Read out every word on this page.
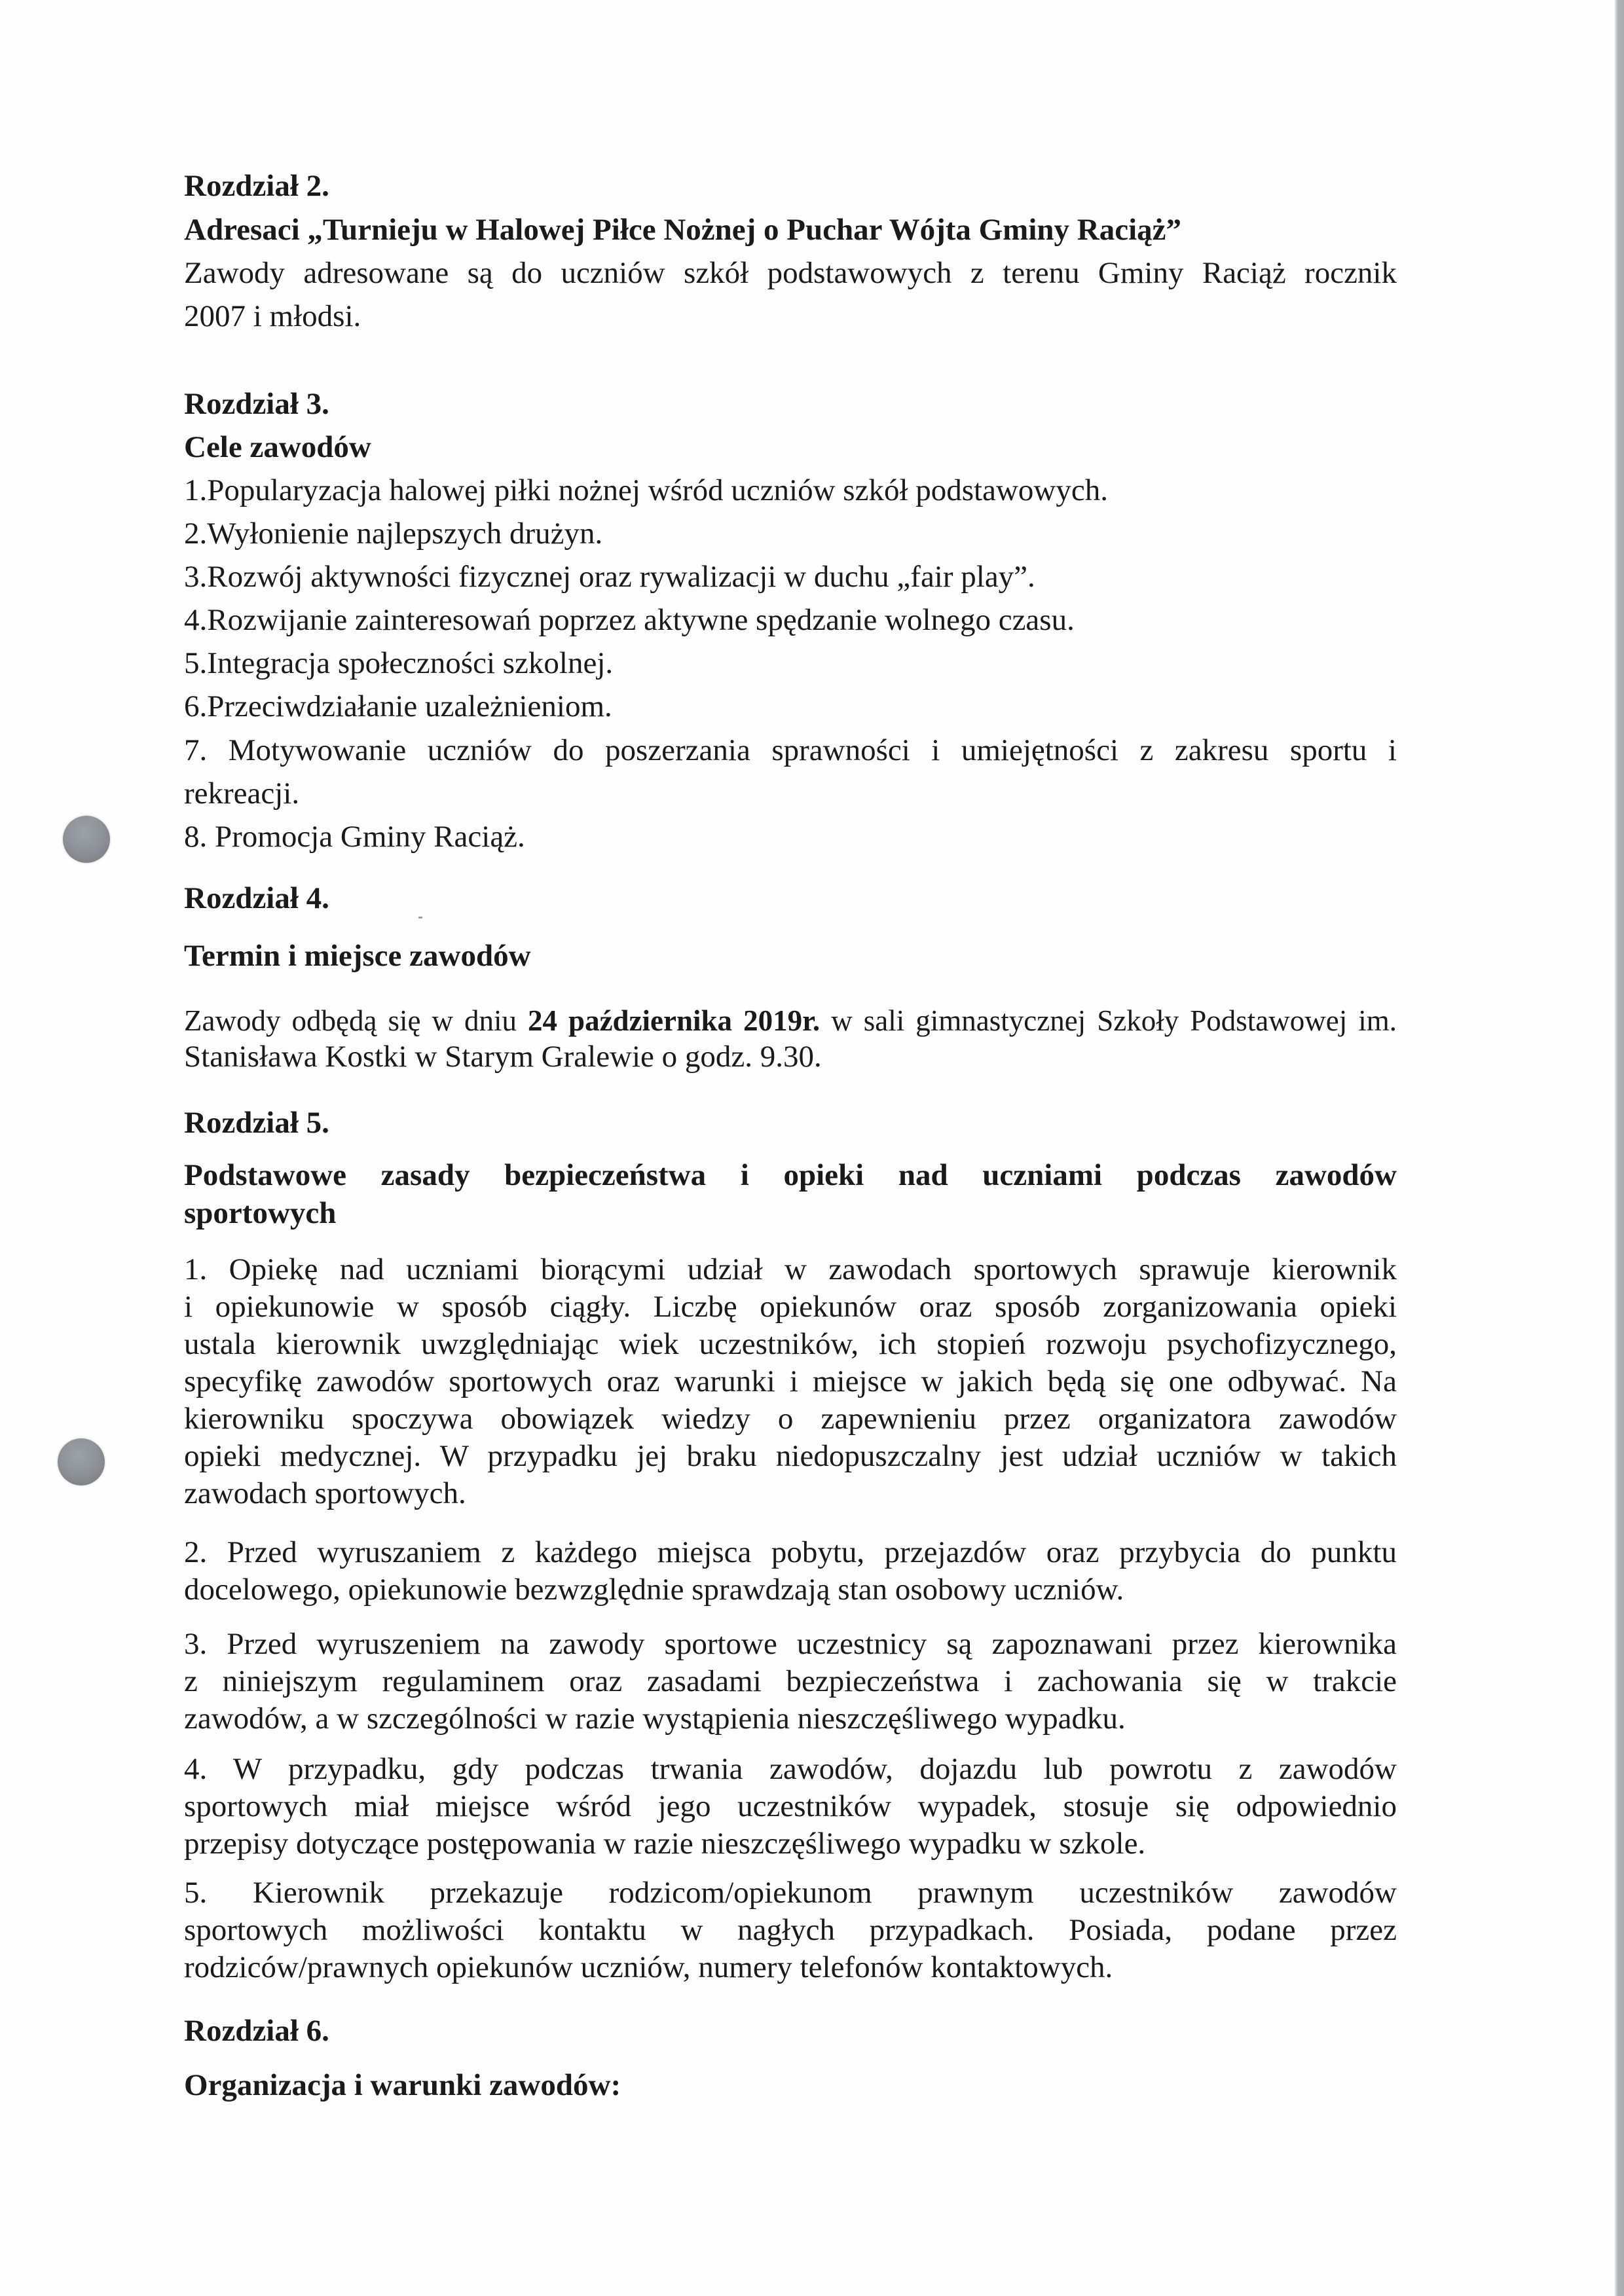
Rozdział 2.
Adresaci „Turnieju w Halowej Piłce Nożnej o Puchar Wójta Gminy Raciąż”
Zawody adresowane są do uczniów szkół podstawowych z terenu Gminy Raciąż rocznik
2007 i młodsi.
Rozdział 3.
Cele zawodów
1.Popularyzacja halowej piłki nożnej wśród uczniów szkół podstawowych.
2.Wyłonienie najlepszych drużyn.
3.Rozwój aktywności fizycznej oraz rywalizacji w duchu „fair play”.
4.Rozwijanie zainteresowań poprzez aktywne spędzanie wolnego czasu.
5.Integracja społeczności szkolnej.
6.Przeciwdziałanie uzależnieniom.
7. Motywowanie uczniów do poszerzania sprawności i umiejętności z zakresu sportu i
rekreacji.
8. Promocja Gminy Raciąż.
Rozdział 4.
Termin i miejsce zawodów
Zawody odbędą się w dniu 24 października 2019r. w sali gimnastycznej Szkoły Podstawowej im.
Stanisława Kostki w Starym Gralewie o godz. 9.30.
Rozdział 5.
Podstawowe zasady bezpieczeństwa i opieki nad uczniami podczas zawodów
sportowych
1. Opiekę nad uczniami biorącymi udział w zawodach sportowych sprawuje kierownik
i opiekunowie w sposób ciągły. Liczbę opiekunów oraz sposób zorganizowania opieki
ustala kierownik uwzględniając wiek uczestników, ich stopień rozwoju psychofizycznego,
specyfikę zawodów sportowych oraz warunki i miejsce w jakich będą się one odbywać. Na
kierowniku spoczywa obowiązek wiedzy o zapewnieniu przez organizatora zawodów
opieki medycznej. W przypadku jej braku niedopuszczalny jest udział uczniów w takich
zawodach sportowych.
2. Przed wyruszaniem z każdego miejsca pobytu, przejazdów oraz przybycia do punktu
docelowego, opiekunowie bezwzględnie sprawdzają stan osobowy uczniów.
3. Przed wyruszeniem na zawody sportowe uczestnicy są zapoznawani przez kierownika
z niniejszym regulaminem oraz zasadami bezpieczeństwa i zachowania się w trakcie
zawodów, a w szczególności w razie wystąpienia nieszczęśliwego wypadku.
4. W przypadku, gdy podczas trwania zawodów, dojazdu lub powrotu z zawodów
sportowych miał miejsce wśród jego uczestników wypadek, stosuje się odpowiednio
przepisy dotyczące postępowania w razie nieszczęśliwego wypadku w szkole.
5. Kierownik przekazuje rodzicom/opiekunom prawnym uczestników zawodów
sportowych możliwości kontaktu w nagłych przypadkach. Posiada, podane przez
rodziców/prawnych opiekunów uczniów, numery telefonów kontaktowych.
Rozdział 6.
Organizacja i warunki zawodów:
